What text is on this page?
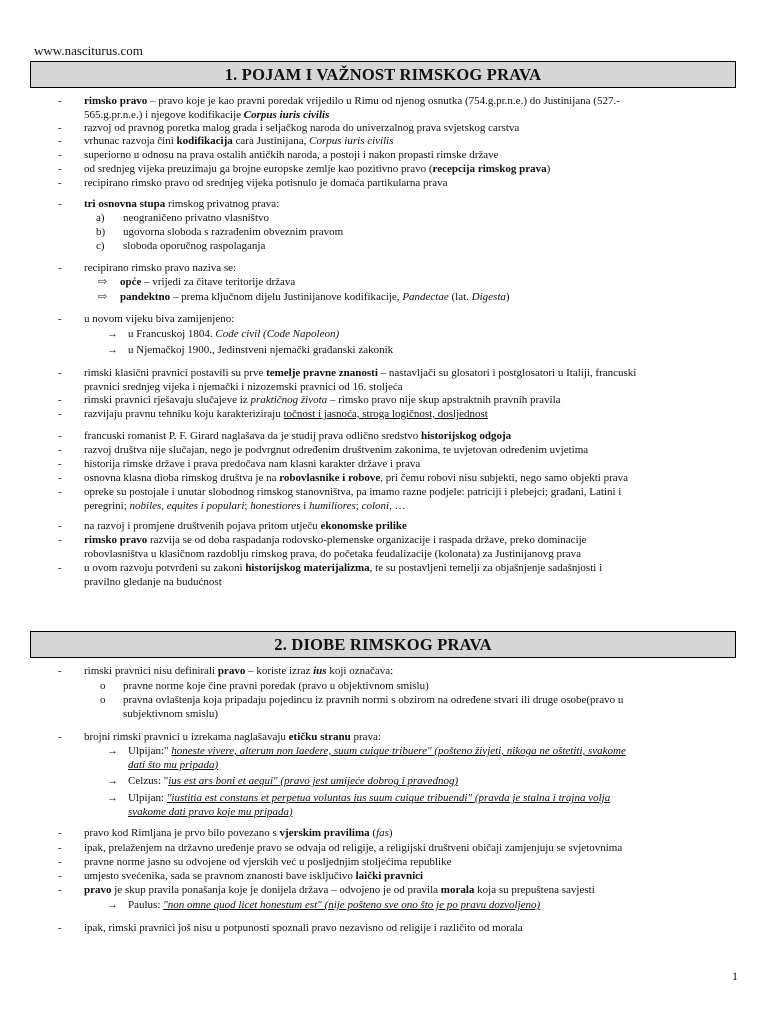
www.nasciturus.com
1. POJAM I VAŽNOST RIMSKOG PRAVA
- rimsko pravo – pravo koje je kao pravni poredak vrijedilo u Rimu od njenog osnutka (754.g.pr.n.e.) do Justinijana (527.-
565.g.pr.n.e.) i njegove kodifikacije Corpus iuris civilis
- razvoj od pravnog poretka malog grada i seljačkog naroda do univerzalnog prava svjetskog carstva
- vrhunac razvoja čini kodifikacija cara Justinijana, Corpus iuris civilis
- superiorno u odnosu na prava ostalih antičkih naroda, a postoji i nakon propasti rimske države
- od srednjeg vijeka preuzimaju ga brojne europske zemlje kao pozitivno pravo (recepcija rimskog prava)
- recipirano rimsko pravo od srednjeg vijeka potisnulo je domaća partikularna prava
- tri osnovna stupa rimskog privatnog prava:
a) neograničeno privatno vlasništvo
b) ugovorna sloboda s razrađenim obveznim pravom
c) sloboda oporučnog raspolaganja
- recipirano rimsko pravo naziva se:
⇨ opće – vrijedi za čitave teritorije država
⇨ pandektno – prema ključnom dijelu Justinijanove kodifikacije, Pandectae (lat. Digesta)
- u novom vijeku biva zamijenjeno:
→ u Francuskoj 1804. Code civil (Code Napoleon)
→ u Njemačkoj 1900., Jedinstveni njemački građanski zakonik
- rimski klasični pravnici postavili su prve temelje pravne znanosti – nastavljači su glosatori i postglosatori u Italiji, francuski
pravnici srednjeg vijeka i njemački i nizozemski pravnici od 16. stoljeća
- rimski pravnici rješavaju slučajeve iz praktičnog života – rimsko pravo nije skup apstraktnih pravnih pravila
- razvijaju pravnu tehniku koju karakteriziraju točnost i jasnoća, stroga logičnost, dosljednost
- francuski romanist P. F. Girard naglašava da je studij prava odlično sredstvo historijskog odgoja
- razvoj društva nije slučajan, nego je podvrgnut određenim društvenim zakonima, te uvjetovan određenim uvjetima
- historija rimske države i prava predočava nam klasni karakter države i prava
- osnovna klasna dioba rimskog društva je na robovlasnike i robove, pri čemu robovi nisu subjekti, nego samo objekti prava
- opreke su postojale i unutar slobodnog rimskog stanovništva, pa imamo razne podjele: patriciji i plebejci; građani, Latini i
peregrini; nobiles, equites i populari; honestiores i humiliores; coloni, …
- na razvoj i promjene društvenih pojava pritom utječu ekonomske prilike
- rimsko pravo razvija se od doba raspadanja rodovsko-plemenske organizacije i raspada države, preko dominacije
robovlasništva u klasičnom razdoblju rimskog prava, do početaka feudalizacije (kolonata) za Justinijanovg prava
- u ovom razvoju potvrđeni su zakoni historijskog materijalizma, te su postavljeni temelji za objašnjenje sadašnjosti i
pravilno gledanje na budućnost
2. DIOBE RIMSKOG PRAVA
- rimski pravnici nisu definirali pravo – koriste izraz ius koji označava:
o pravne norme koje čine pravni poredak (pravo u objektivnom smislu)
o pravna ovlaštenja koja pripadaju pojedincu iz pravnih normi s obzirom na određene stvari ili druge osobe(pravo u
subjektivnom smislu)
- brojni rimski pravnici u izrekama naglašavaju etičku stranu prava:
→ Ulpijan:" honeste vivere, alterum non laedere, suum cuique tribuere" (pošteno živjeti, nikoga ne oštetiti, svakome
dati što mu pripada)
→ Celzus: "ius est ars boni et aequi" (pravo jest umijeće dobrog i pravednog)
→ Ulpijan: "iustitia est constans et perpetua voluntas ius suum cuique tribuendi" (pravda je stalna i trajna volja
svakome dati pravo koje mu pripada)
- pravo kod Rimljana je prvo bilo povezano s vjerskim pravilima (fas)
- ipak, prelaženjem na državno uređenje pravo se odvaja od religije, a religijski društveni običaji zamjenjuju se svjetovnima
- pravne norme jasno su odvojene od vjerskih već u posljednjim stoljećima republike
- umjesto svećenika, sada se pravnom znanosti bave isključivo laički pravnici
- pravo je skup pravila ponašanja koje je donijela država – odvojeno je od pravila morala koja su prepuštena savjesti
→ Paulus: "non omne quod licet honestum est" (nije pošteno sve ono što je po pravu dozvoljeno)
- ipak, rimski pravnici još nisu u potpunosti spoznali pravo nezavisno od religije i različito od morala
1
